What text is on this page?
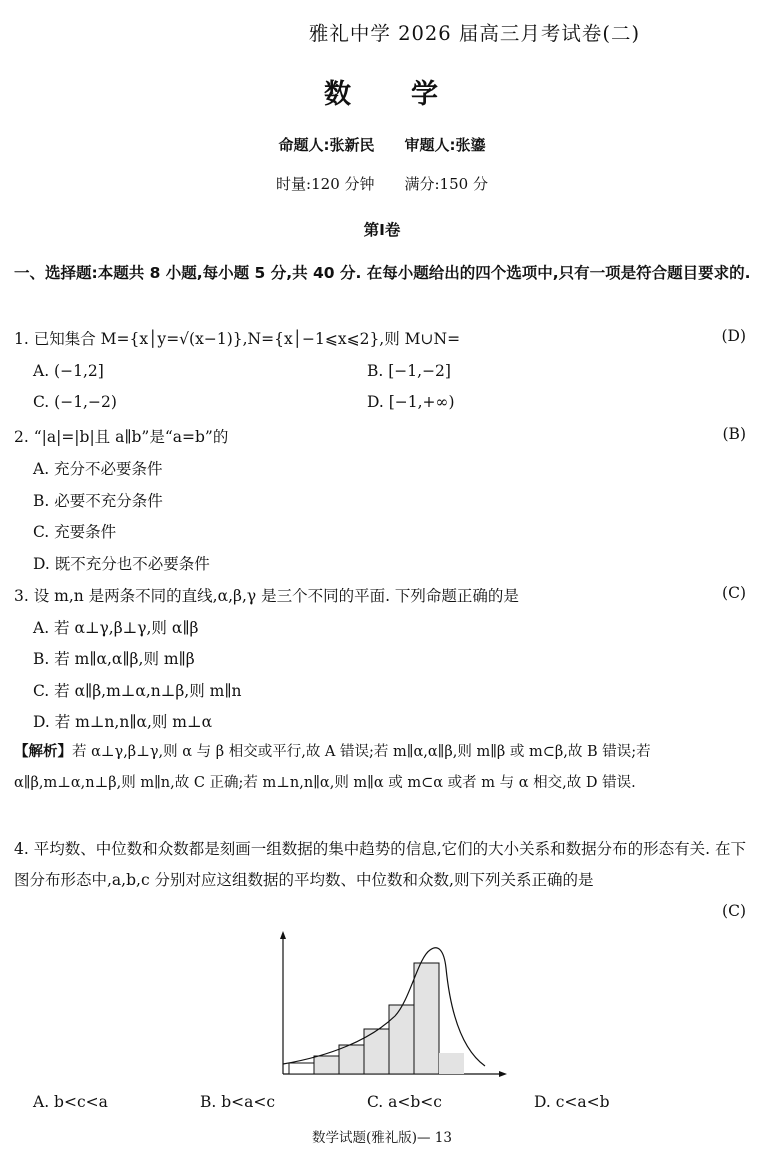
雅礼中学 2026 届高三月考试卷(二)
数　　学
命题人:张新民　　审题人:张鎏
时量:120 分钟　　满分:150 分
第Ⅰ卷
一、选择题:本题共 8 小题,每小题 5 分,共 40 分. 在每小题给出的四个选项中,只有一项是符合题目要求的.
1. 已知集合 M={x│y=√(x−1)},N={x│−1⩽x⩽2},则 M∪N=	(D)
A. (−1,2]	B. [−1,−2]
C. (−1,−2)	D. [−1,+∞)
2. “|a|=|b|且 a∥b”是“a=b”的	(B)
A. 充分不必要条件
B. 必要不充分条件
C. 充要条件
D. 既不充分也不必要条件
3. 设 m,n 是两条不同的直线,α,β,γ 是三个不同的平面. 下列命题正确的是	(C)
A. 若 α⊥γ,β⊥γ,则 α∥β
B. 若 m∥α,α∥β,则 m∥β
C. 若 α∥β,m⊥α,n⊥β,则 m∥n
D. 若 m⊥n,n∥α,则 m⊥α
【解析】若 α⊥γ,β⊥γ,则 α 与 β 相交或平行,故 A 错误;若 m∥α,α∥β,则 m∥β 或 m⊂β,故 B 错误;若 α∥β,m⊥α,n⊥β,则 m∥n,故 C 正确;若 m⊥n,n∥α,则 m∥α 或 m⊂α 或者 m 与 α 相交,故 D 错误.
4. 平均数、中位数和众数都是刻画一组数据的集中趋势的信息,它们的大小关系和数据分布的形态有关. 在下图分布形态中,a,b,c 分别对应这组数据的平均数、中位数和众数,则下列关系正确的是
(C)
A. b<c<a	B. b<a<c	C. a<b<c	D. c<a<b
数学试题(雅礼版)— 13
